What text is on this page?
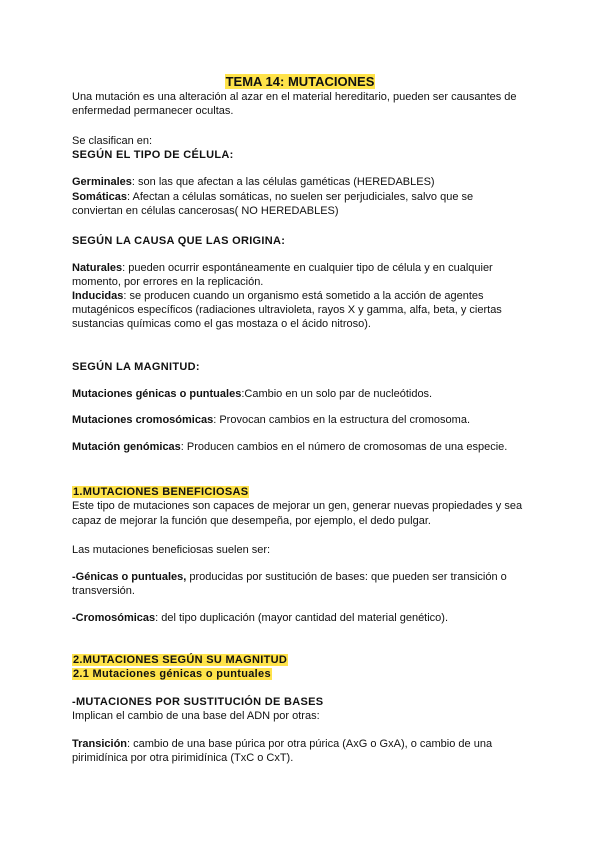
TEMA 14: MUTACIONES
Una mutación es una alteración al azar en el material hereditario, pueden ser causantes de
enfermedad permanecer ocultas.
Se clasifican en:
SEGÚN EL TIPO DE CÉLULA:
Germinales: son las que afectan a las células gaméticas (HEREDABLES)
Somáticas: Afectan a células somáticas, no suelen ser perjudiciales, salvo que se
conviertan en células cancerosas( NO HEREDABLES)
SEGÚN LA CAUSA QUE LAS ORIGINA:
Naturales: pueden ocurrir espontáneamente en cualquier tipo de célula y en cualquier
momento, por errores en la replicación.
Inducidas: se producen cuando un organismo está sometido a la acción de agentes
mutagénicos específicos (radiaciones ultravioleta, rayos X y gamma, alfa, beta, y ciertas
sustancias químicas como el gas mostaza o el ácido nitroso).
SEGÚN LA MAGNITUD:
Mutaciones génicas o puntuales:Cambio en un solo par de nucleótidos.
Mutaciones cromosómicas: Provocan cambios en la estructura del cromosoma.
Mutación genómicas: Producen cambios en el número de cromosomas de una especie.
1.MUTACIONES BENEFICIOSAS
Este tipo de mutaciones son capaces de mejorar un gen, generar nuevas propiedades y sea
capaz de mejorar la función que desempeña, por ejemplo, el dedo pulgar.
Las mutaciones beneficiosas suelen ser:
-Génicas o puntuales, producidas por sustitución de bases: que pueden ser transición o
transversión.
-Cromosómicas: del tipo duplicación (mayor cantidad del material genético).
2.MUTACIONES SEGÚN SU MAGNITUD
2.1 Mutaciones génicas o puntuales
-MUTACIONES POR SUSTITUCIÓN DE BASES
Implican el cambio de una base del ADN por otras:
Transición: cambio de una base púrica por otra púrica (AxG o GxA), o cambio de una
pirimidínica por otra pirimidínica (TxC o CxT).
